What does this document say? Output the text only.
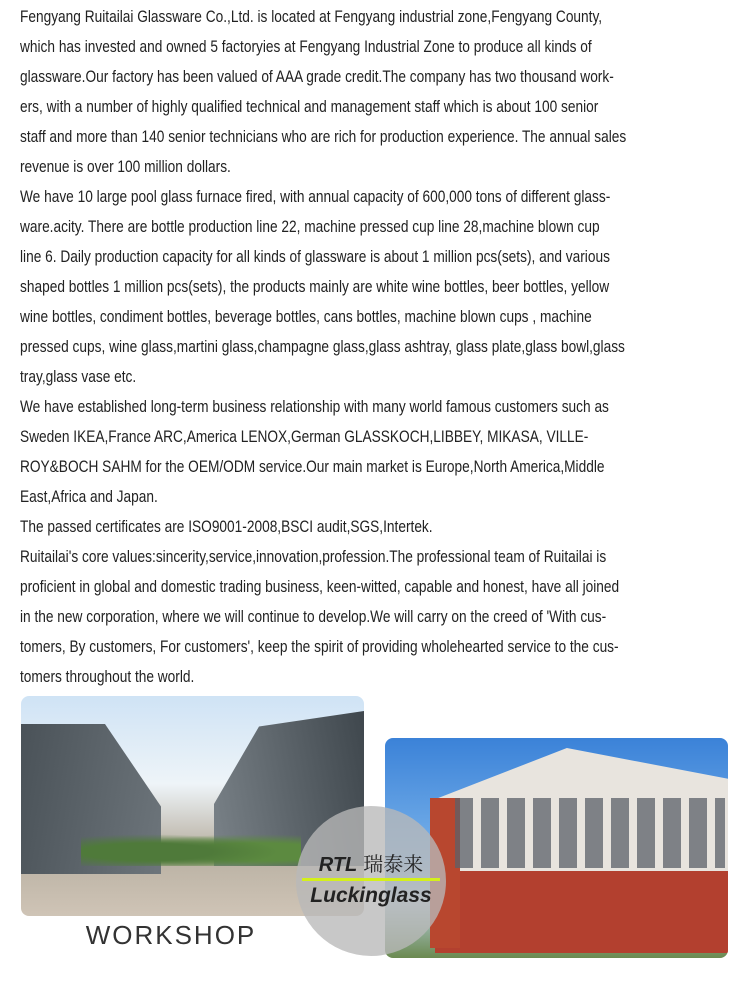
Fengyang Ruitailai Glassware Co.,Ltd. is located at Fengyang industrial zone,Fengyang County,
which has invested and owned 5 factoryies at Fengyang Industrial Zone to produce all kinds of
glassware.Our factory has been valued of AAA grade credit.The company has two thousand work-
ers, with a number of highly qualified technical and management staff which is about 100 senior
staff and more than 140 senior technicians who are rich for production experience. The annual sales
revenue is over 100 million dollars.
We have 10 large pool glass furnace fired, with annual capacity of 600,000 tons of different glass-
ware.acity. There are bottle production line 22, machine pressed cup line 28,machine blown cup
line 6. Daily production capacity for all kinds of glassware is about 1 million pcs(sets), and various
shaped bottles 1 million pcs(sets), the products mainly are white wine bottles, beer bottles, yellow
wine bottles, condiment bottles, beverage bottles, cans bottles, machine blown cups , machine
pressed cups, wine glass,martini glass,champagne glass,glass ashtray, glass plate,glass bowl,glass
tray,glass vase etc.
We have established long-term business relationship with many world famous customers such as
Sweden IKEA,France ARC,America LENOX,German GLASSKOCH,LIBBEY, MIKASA, VILLE-
ROY&BOCH SAHM for the OEM/ODM service.Our main market is Europe,North America,Middle
East,Africa and Japan.
The passed certificates are ISO9001-2008,BSCI audit,SGS,Intertek.
Ruitailai's core values:sincerity,service,innovation,profession.The professional team of Ruitailai is
proficient in global and domestic trading business, keen-witted, capable and honest, have all joined
in the new corporation, where we will continue to develop.We will carry on the creed of 'With cus-
tomers, By customers, For customers', keep the spirit of providing wholehearted service to the cus-
tomers throughout the world.
WORKSHOP
RTL 瑞泰来
Luckinglass
